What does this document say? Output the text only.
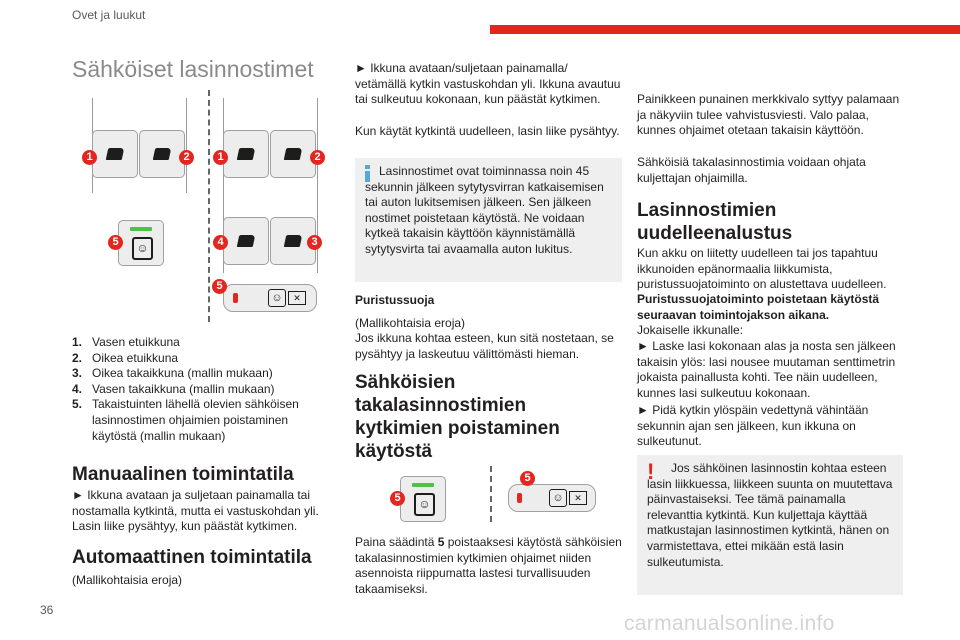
Ovet ja luukut
Sähköiset lasinnostimet
1	2	1	2
☺
5	4	3
☺	✕
5
1. Vasen etuikkuna
2. Oikea etuikkuna
3. Oikea takaikkuna (mallin mukaan)
4. Vasen takaikkuna (mallin mukaan)
5. Takaistuinten lähellä olevien sähköisen lasinnostimen ohjaimien poistaminen käytöstä (mallin mukaan)
Manuaalinen toimintatila

► Ikkuna avataan ja suljetaan painamalla tai nostamalla kytkintä, mutta ei vastuskohdan yli. Lasin liike pysähtyy, kun päästät kytkimen.

Automaattinen toimintatila

(Mallikohtaisia eroja)

► Ikkuna avataan/suljetaan painamalla/ vetämällä kytkin vastuskohdan yli. Ikkuna avautuu tai sulkeutuu kokonaan, kun päästät kytkimen.

Kun käytät kytkintä uudelleen, lasin liike pysähtyy.

Lasinnostimet ovat toiminnassa noin 45 sekunnin jälkeen sytytysvirran katkaisemisen tai auton lukitsemisen jälkeen. Sen jälkeen nostimet poistetaan käytöstä. Ne voidaan kytkeä takaisin käyttöön käynnistämällä sytytysvirta tai avaamalla auton lukitus.

Puristussuoja

(Mallikohtaisia eroja)

Jos ikkuna kohtaa esteen, kun sitä nostetaan, se pysähtyy ja laskeutuu välittömästi hieman.

Sähköisien takalasinnostimien kytkimien poistaminen käytöstä
☺
5	☺	✕
5

Paina säädintä 5 poistaaksesi käytöstä sähköisien takalasinnostimien kytkimien ohjaimet niiden asennoista riippumatta lastesi turvallisuuden takaamiseksi.

Painikkeen punainen merkkivalo syttyy palamaan ja näkyviin tulee vahvistusviesti. Valo palaa, kunnes ohjaimet otetaan takaisin käyttöön.

Sähköisiä takalasinnostimia voidaan ohjata kuljettajan ohjaimilla.

Lasinnostimien uudelleenalustus

Kun akku on liitetty uudelleen tai jos tapahtuu ikkunoiden epänormaalia liikkumista, puristussuojatoiminto on alustettava uudelleen.

Puristussuojatoiminto poistetaan käytöstä seuraavan toimintojakson aikana.

Jokaiselle ikkunalle:

► Laske lasi kokonaan alas ja nosta sen jälkeen takaisin ylös: lasi nousee muutaman senttimetrin jokaista painallusta kohti. Tee näin uudelleen, kunnes lasi sulkeutuu kokonaan.

► Pidä kytkin ylöspäin vedettynä vähintään sekunnin ajan sen jälkeen, kun ikkuna on sulkeutunut.

!	Jos sähköinen lasinnostin kohtaa esteen lasin liikkuessa, liikkeen suunta on muutettava päinvastaiseksi. Tee tämä painamalla relevanttia kytkintä. Kun kuljettaja käyttää matkustajan lasinnostimen kytkintä, hänen on varmistettava, ettei mikään estä lasin sulkeutumista.

36
carmanualsonline.info
